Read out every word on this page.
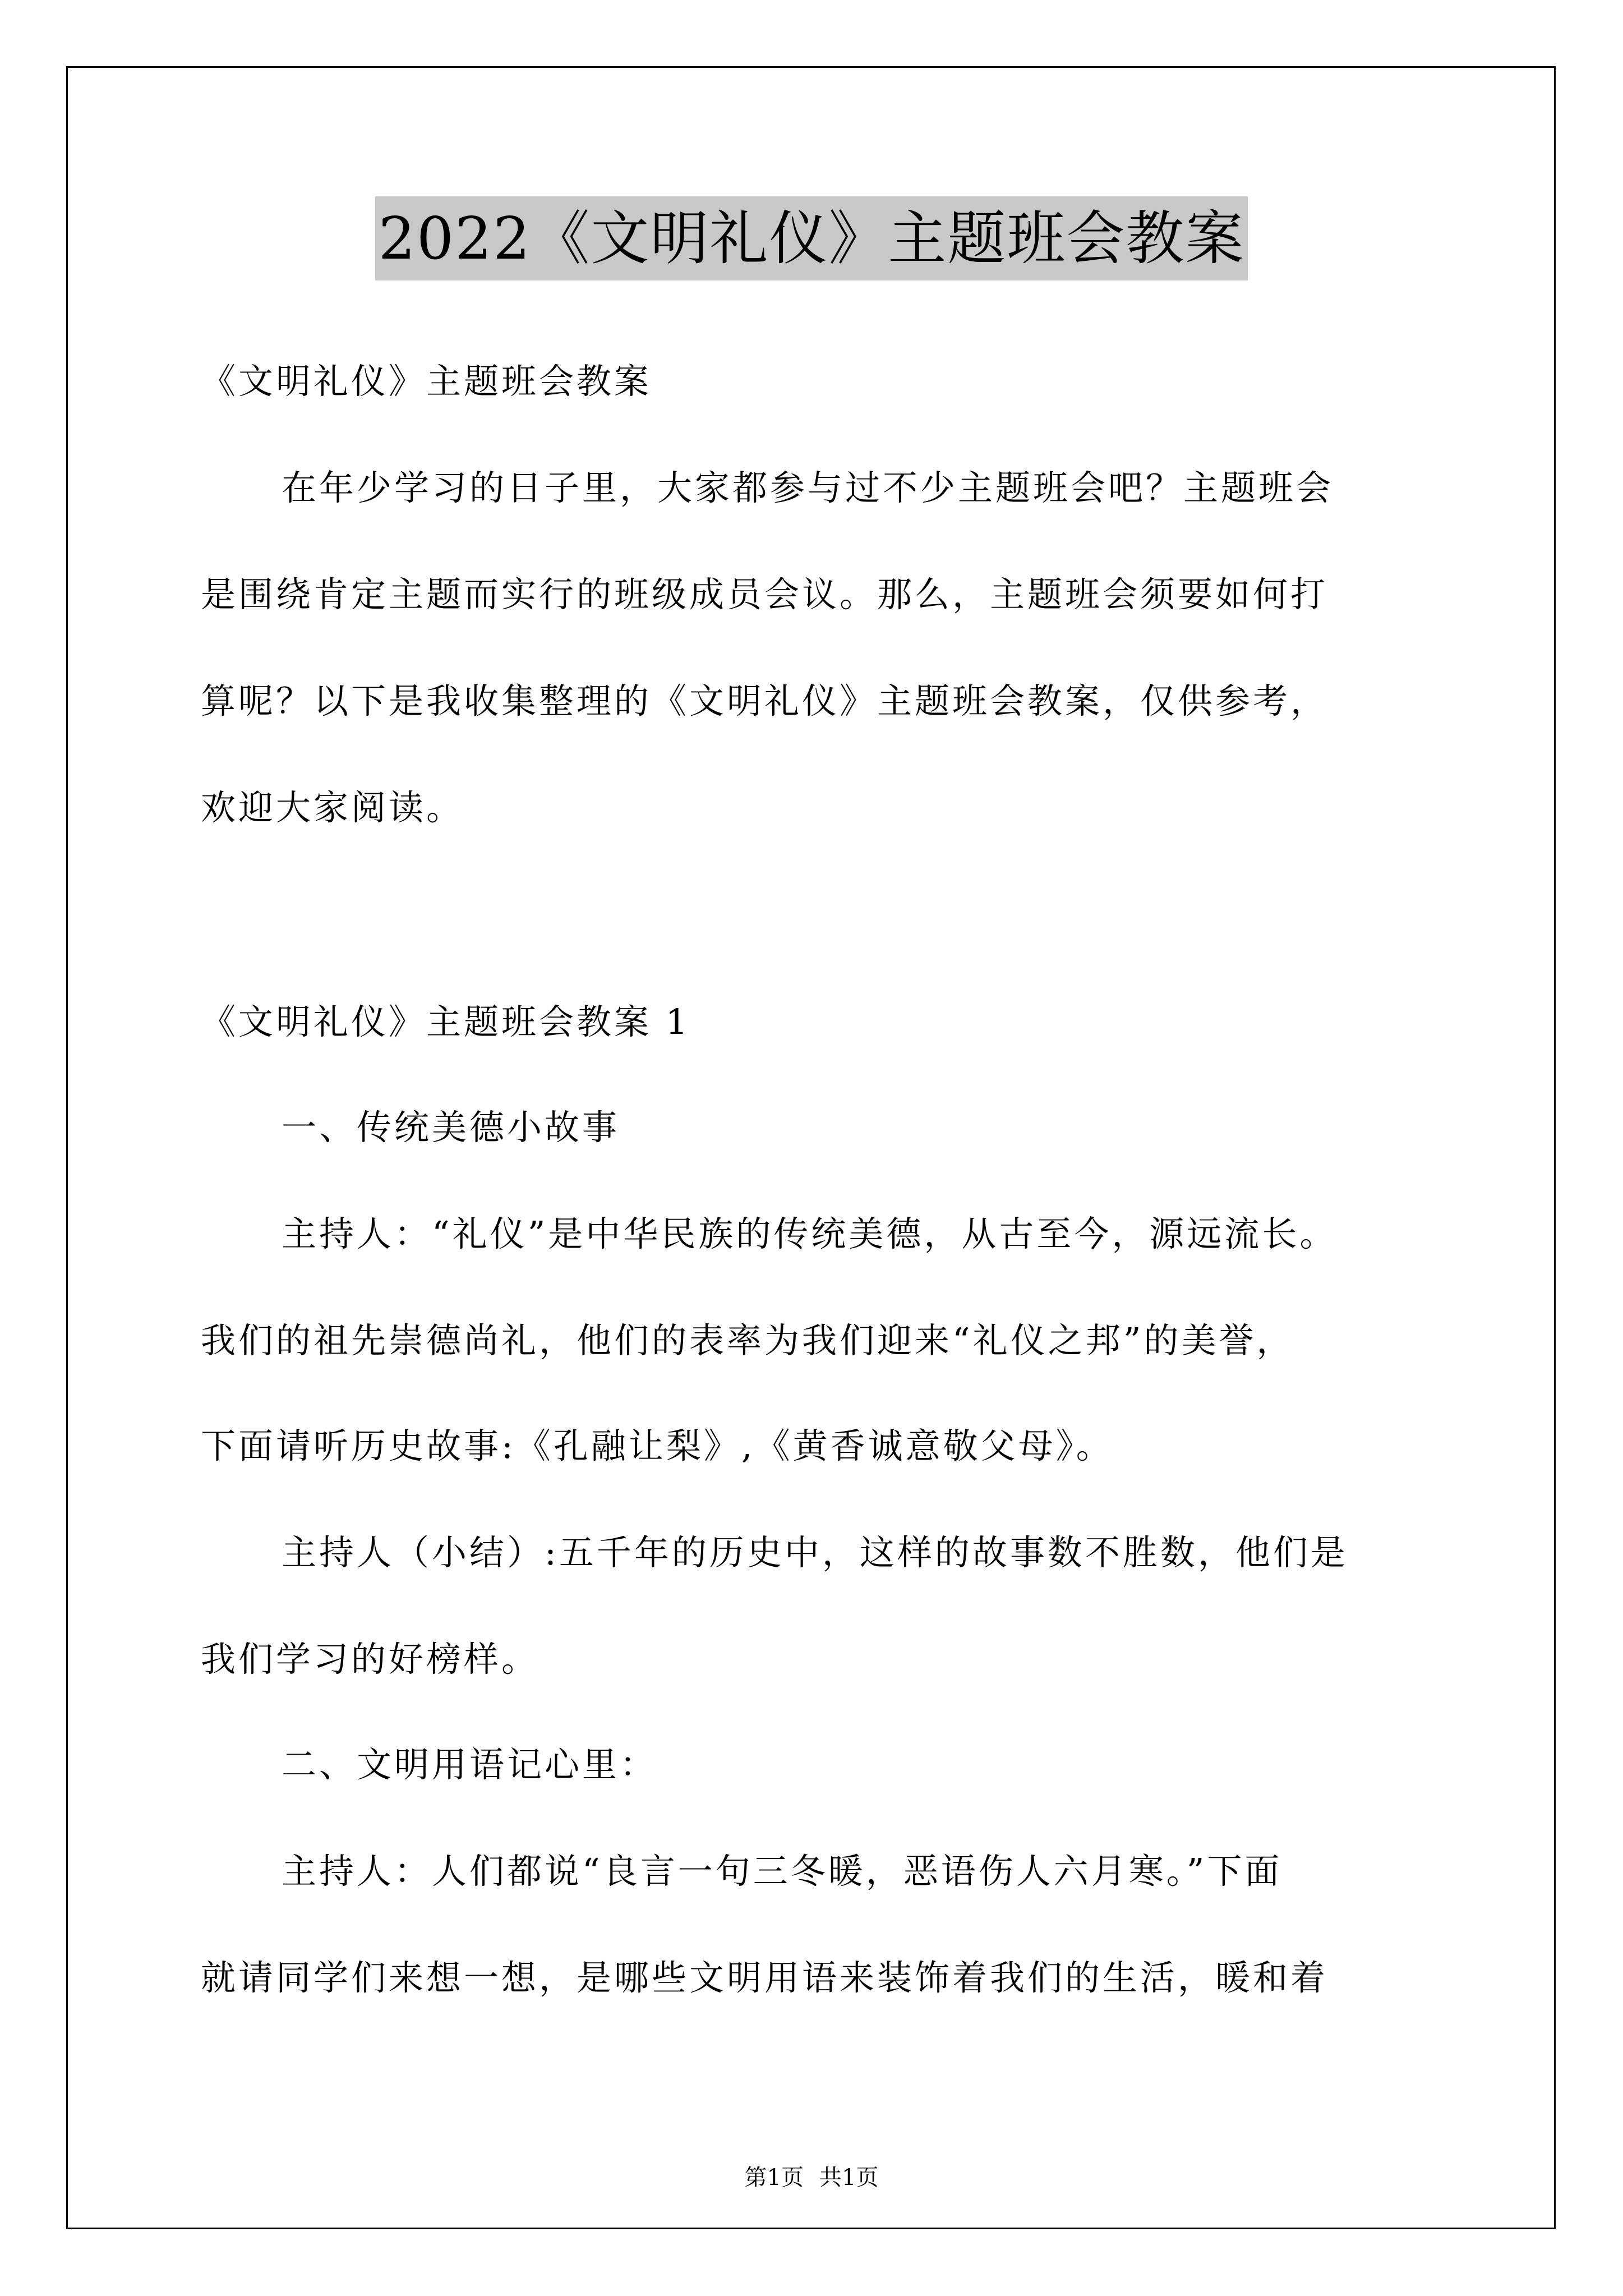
2022《文明礼仪》主题班会教案
《文明礼仪》主题班会教案
在年少学习的日子里，大家都参与过不少主题班会吧？主题班会
是围绕肯定主题而实行的班级成员会议。那么，主题班会须要如何打
算呢？以下是我收集整理的《文明礼仪》主题班会教案，仅供参考，
欢迎大家阅读。
《文明礼仪》主题班会教案 1
一、传统美德小故事
主持人：“礼仪”是中华民族的传统美德，从古至今，源远流长。
我们的祖先崇德尚礼，他们的表率为我们迎来“礼仪之邦”的美誉，
下面请听历史故事:《孔融让梨》,《黄香诚意敬父母》。
主持人（小结）:五千年的历史中，这样的故事数不胜数，他们是
我们学习的好榜样。
二、文明用语记心里：
主持人：人们都说“良言一句三冬暖，恶语伤人六月寒。”下面
就请同学们来想一想，是哪些文明用语来装饰着我们的生活，暖和着
第1页 共1页
